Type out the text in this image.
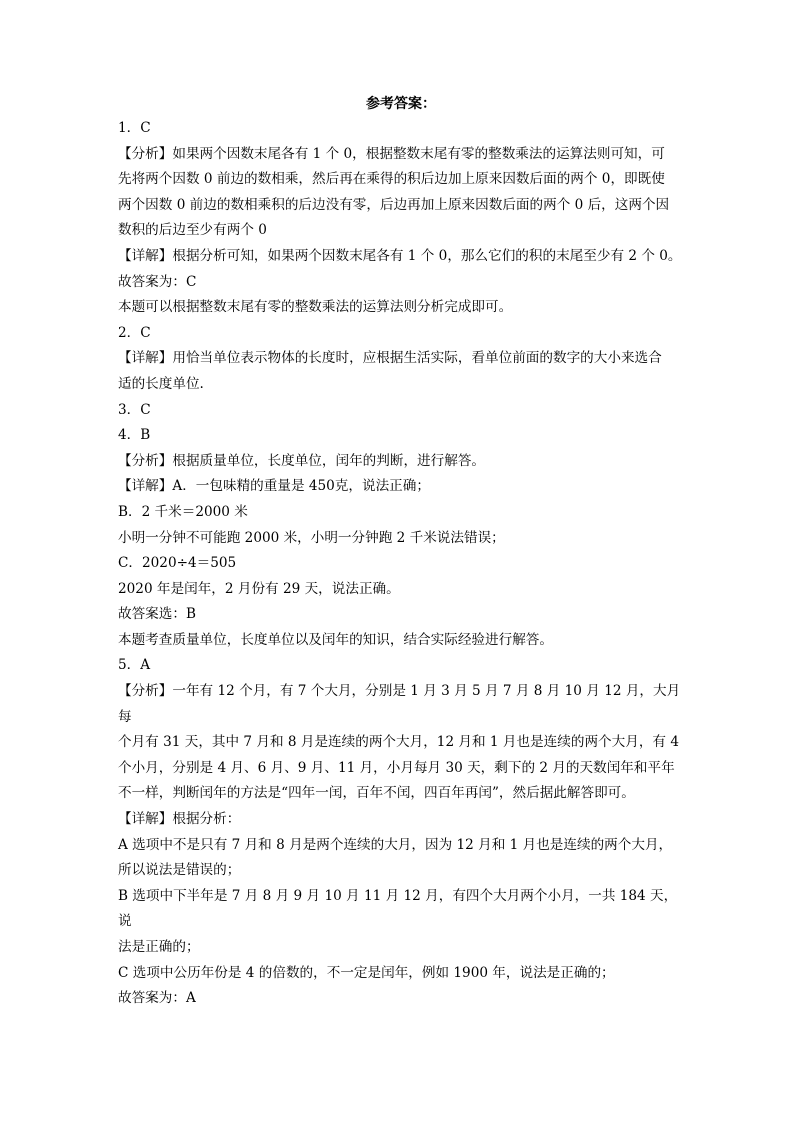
参考答案：
1．C
【分析】如果两个因数末尾各有 1 个 0，根据整数末尾有零的整数乘法的运算法则可知，可
先将两个因数 0 前边的数相乘，然后再在乘得的积后边加上原来因数后面的两个 0，即既使
两个因数 0 前边的数相乘积的后边没有零，后边再加上原来因数后面的两个 0 后，这两个因
数积的后边至少有两个 0
【详解】根据分析可知，如果两个因数末尾各有 1 个 0，那么它们的积的末尾至少有 2 个 0。
故答案为：C
本题可以根据整数末尾有零的整数乘法的运算法则分析完成即可。
2．C
【详解】用恰当单位表示物体的长度时，应根据生活实际，看单位前面的数字的大小来选合
适的长度单位.
3．C
4．B
【分析】根据质量单位，长度单位，闰年的判断，进行解答。
【详解】A．一包味精的重量是 450克，说法正确；
B．2 千米＝2000 米
小明一分钟不可能跑 2000 米，小明一分钟跑 2 千米说法错误；
C．2020÷4＝505
2020 年是闰年，2 月份有 29 天，说法正确。
故答案选：B
本题考查质量单位，长度单位以及闰年的知识，结合实际经验进行解答。
5．A
【分析】一年有 12 个月，有 7 个大月，分别是 1 月 3 月 5 月 7 月 8 月 10 月 12 月，大月每
个月有 31 天，其中 7 月和 8 月是连续的两个大月，12 月和 1 月也是连续的两个大月，有 4
个小月，分别是 4 月、6 月、9 月、11 月，小月每月 30 天，剩下的 2 月的天数闰年和平年
不一样，判断闰年的方法是“四年一闰，百年不闰，四百年再闰”，然后据此解答即可。
【详解】根据分析：
A 选项中不是只有 7 月和 8 月是两个连续的大月，因为 12 月和 1 月也是连续的两个大月，
所以说法是错误的；
B 选项中下半年是 7 月 8 月 9 月 10 月 11 月 12 月，有四个大月两个小月，一共 184 天，说
法是正确的；
C 选项中公历年份是 4 的倍数的，不一定是闰年，例如 1900 年，说法是正确的；
故答案为：A
